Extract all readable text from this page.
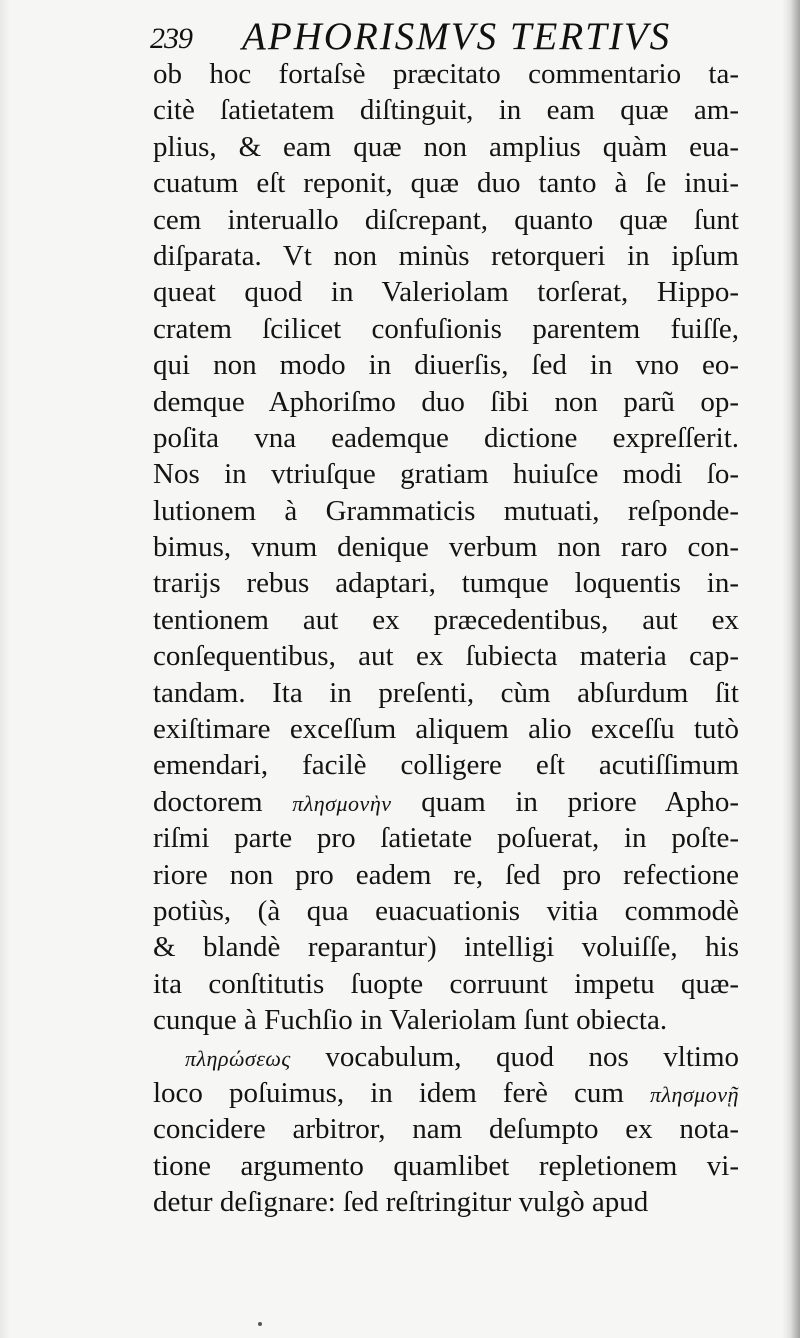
239 APHORISMVS TERTIVS
ob hoc fortaſsè præcitato commentario ta-
citè ſatietatem diſtinguit, in eam quæ am-
plius, & eam quæ non amplius quàm eua-
cuatum eſt reponit, quæ duo tanto à ſe inui-
cem interuallo diſcrepant, quanto quæ ſunt
diſparata. Vt non minùs retorqueri in ipſum
queat quod in Valeriolam torſerat, Hippo-
cratem ſcilicet confuſionis parentem fuiſſe,
qui non modo in diuerſis, ſed in vno eo-
demque Aphoriſmo duo ſibi non parũ op-
poſita vna eademque dictione expreſſerit.
Nos in vtriuſque gratiam huiuſce modi ſo-
lutionem à Grammaticis mutuati, reſponde-
bimus, vnum denique verbum non raro con-
trarijs rebus adaptari, tumque loquentis in-
tentionem aut ex præcedentibus, aut ex
conſequentibus, aut ex ſubiecta materia cap-
tandam. Ita in preſenti, cùm abſurdum ſit
exiſtimare exceſſum aliquem alio exceſſu tutò
emendari, facilè colligere eſt acutiſſimum
doctorem πλησμονὴν quam in priore Apho-
riſmi parte pro ſatietate poſuerat, in poſte-
riore non pro eadem re, ſed pro refectione
potiùs, (à qua euacuationis vitia commodè
& blandè reparantur) intelligi voluiſſe, his
ita conſtitutis ſuopte corruunt impetu quæ-
cunque à Fuchſio in Valeriolam ſunt obiecta.
πληρώσεως vocabulum, quod nos vltimo
loco poſuimus, in idem ferè cum πλησμονῇ
concidere arbitror, nam deſumpto ex nota-
tione argumento quamlibet repletionem vi-
detur deſignare: ſed reſtringitur vulgò apud
